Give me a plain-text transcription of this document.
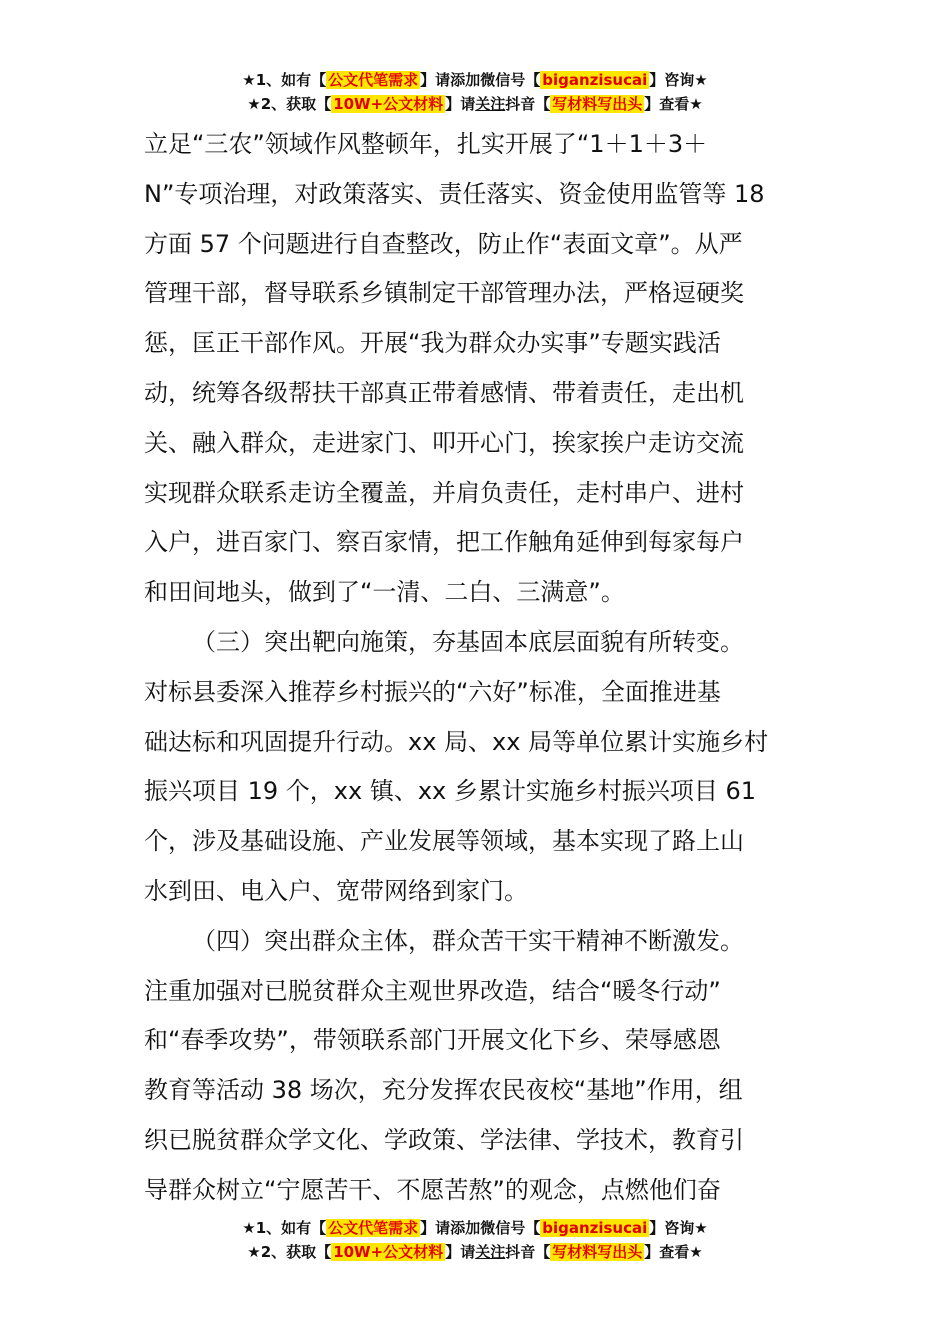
★1、如有【 公文代笔需求 】请添加微信号【 biganzisucai 】咨询★
★2、获取【 10W+公文材料 】请关注抖音【 写材料写出头 】查看★
立足“三农”领域作风整顿年，扎实开展了“1＋1＋3＋
N”专项治理，对政策落实、责任落实、资金使用监管等 18
方面 57 个问题进行自查整改，防止作“表面文章”。从严
管理干部，督导联系乡镇制定干部管理办法，严格逗硬奖
惩，匡正干部作风。开展“我为群众办实事”专题实践活
动，统筹各级帮扶干部真正带着感情、带着责任，走出机
关、融入群众，走进家门、叩开心门，挨家挨户走访交流
实现群众联系走访全覆盖，并肩负责任，走村串户、进村
入户，进百家门、察百家情，把工作触角延伸到每家每户
和田间地头，做到了“一清、二白、三满意”。
（三）突出靶向施策，夯基固本底层面貌有所转变。
对标县委深入推荐乡村振兴的“六好”标准，全面推进基
础达标和巩固提升行动。xx 局、xx 局等单位累计实施乡村
振兴项目 19 个，xx 镇、xx 乡累计实施乡村振兴项目 61
个，涉及基础设施、产业发展等领域，基本实现了路上山
水到田、电入户、宽带网络到家门。
（四）突出群众主体，群众苦干实干精神不断激发。
注重加强对已脱贫群众主观世界改造，结合“暖冬行动”
和“春季攻势”，带领联系部门开展文化下乡、荣辱感恩
教育等活动 38 场次，充分发挥农民夜校“基地”作用，组
织已脱贫群众学文化、学政策、学法律、学技术，教育引
导群众树立“宁愿苦干、不愿苦熬”的观念，点燃他们奋
★1、如有【 公文代笔需求 】请添加微信号【 biganzisucai 】咨询★
★2、获取【 10W+公文材料 】请关注抖音【 写材料写出头 】查看★
